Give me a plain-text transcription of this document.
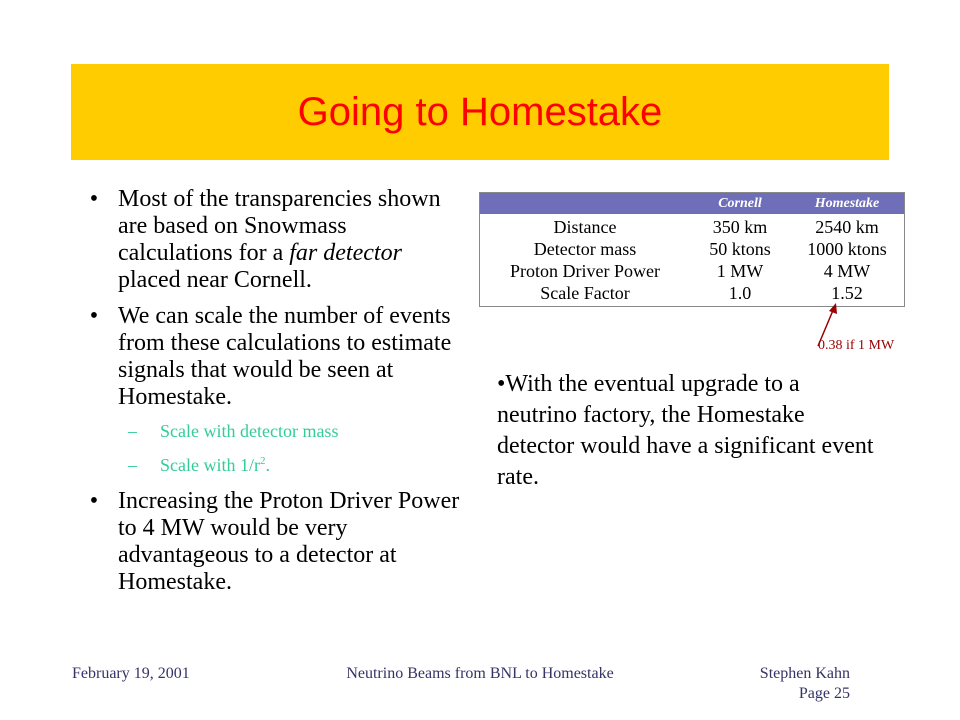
Going to Homestake
• Most of the transparencies shown are based on Snowmass calculations for a far detector placed near Cornell.
• We can scale the number of events from these calculations to estimate signals that would be seen at Homestake.
– Scale with detector mass
– Scale with $1/r^2$.
• Increasing the Proton Driver Power to 4 MW would be very advantageous to a detector at Homestake.
	Cornell	Homestake
Distance	350 km	2540 km
Detector mass	50 ktons	1000 ktons
Proton Driver Power	1 MW	4 MW
Scale Factor	1.0	1.52
0.38 if 1 MW
•With the eventual upgrade to a neutrino factory, the Homestake detector would have a significant event rate.
February 19, 2001	Neutrino Beams from BNL to Homestake	Stephen Kahn
Page 25
